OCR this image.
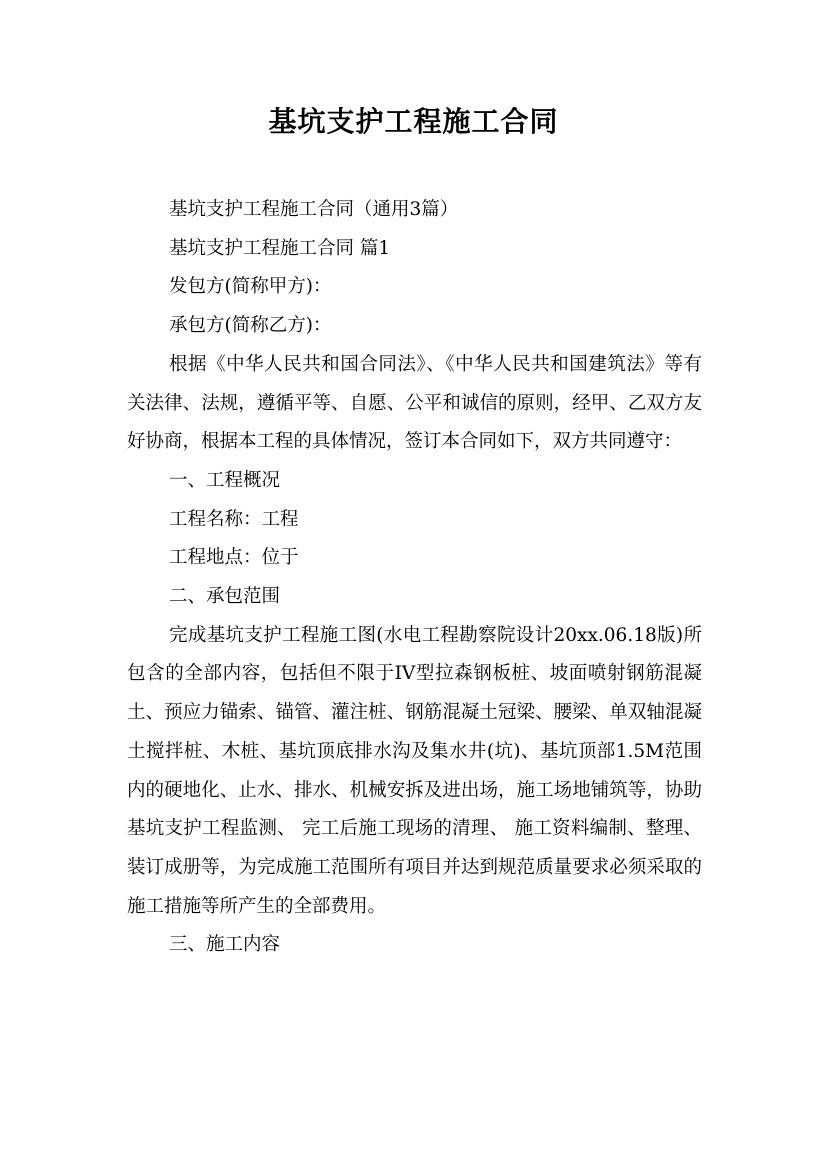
基坑支护工程施工合同

基坑支护工程施工合同（通用3篇）

基坑支护工程施工合同 篇1

发包方(简称甲方)：

承包方(简称乙方)：

根据《中华人民共和国合同法》、《中华人民共和国建筑法》等有关法律、法规，遵循平等、自愿、公平和诚信的原则，经甲、乙双方友好协商，根据本工程的具体情况，签订本合同如下，双方共同遵守：

一、工程概况

工程名称：工程

工程地点：位于

二、承包范围

完成基坑支护工程施工图(水电工程勘察院设计20xx.06.18版)所包含的全部内容，包括但不限于IV型拉森钢板桩、坡面喷射钢筋混凝土、预应力锚索、锚管、灌注桩、钢筋混凝土冠梁、腰梁、单双轴混凝土搅拌桩、木桩、基坑顶底排水沟及集水井(坑)、基坑顶部1.5M范围内的硬地化、止水、排水、机械安拆及进出场，施工场地铺筑等，协助基坑支护工程监测、 完工后施工现场的清理、 施工资料编制、整理、装订成册等，为完成施工范围所有项目并达到规范质量要求必须采取的施工措施等所产生的全部费用。

三、施工内容
